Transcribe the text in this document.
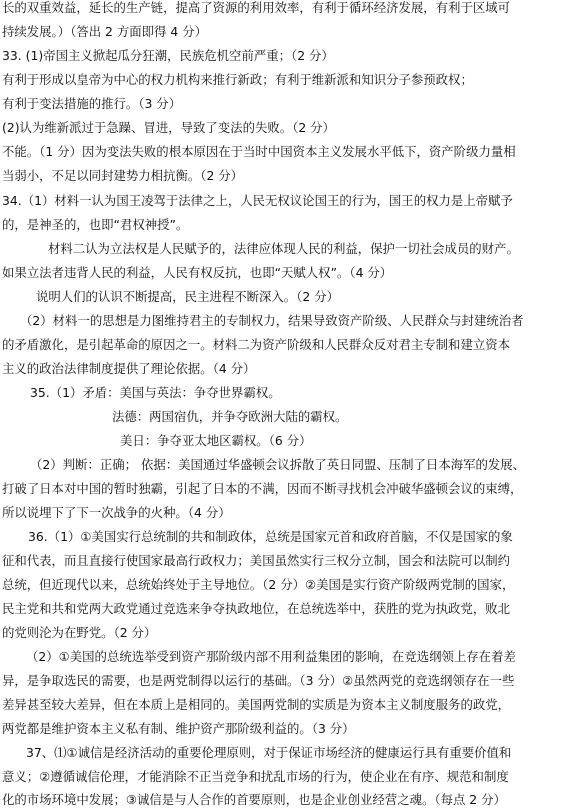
长的双重效益，延长的生产链，提高了资源的利用效率，有利于循环经济发展，有利于区域可
持续发展。）（答出 2 方面即得 4 分）
33. (1)帝国主义掀起瓜分狂潮，民族危机空前严重；（2 分）
有利于形成以皇帝为中心的权力机构来推行新政；有利于维新派和知识分子参预政权；
有利于变法措施的推行。（3 分）
(2)认为维新派过于急躁、冒进，导致了变法的失败。（2 分）
不能。（1 分）因为变法失败的根本原因在于当时中国资本主义发展水平低下，资产阶级力量相
当弱小，不足以同封建势力相抗衡。（2 分）
34.（1）材料一认为国王凌驾于法律之上，人民无权议论国王的行为，国王的权力是上帝赋予
的，是神圣的，也即“君权神授”。
材料二认为立法权是人民赋予的，法律应体现人民的利益，保护一切社会成员的财产。
如果立法者违背人民的利益，人民有权反抗，也即“天赋人权”。（4 分）
说明人们的认识不断提高，民主进程不断深入。（2 分）
（2）材料一的思想是力图维持君主的专制权力，结果导致资产阶级、人民群众与封建统治者
的矛盾激化，是引起革命的原因之一。材料二为资产阶级和人民群众反对君主专制和建立资本
主义的政治法律制度提供了理论依据。（4 分）
35.（1）矛盾：美国与英法：争夺世界霸权。
法德：两国宿仇，并争夺欧洲大陆的霸权。
美日：争夺亚太地区霸权。（6 分）
（2）判断：正确； 依据：美国通过华盛顿会议拆散了英日同盟、压制了日本海军的发展、
打破了日本对中国的暂时独霸，引起了日本的不满，因而不断寻找机会冲破华盛顿会议的束缚，
所以说埋下了下一次战争的火种。（4 分）
36.（1）①美国实行总统制的共和制政体，总统是国家元首和政府首脑，不仅是国家的象
征和代表，而且直接行使国家最高行政权力；美国虽然实行三权分立制，国会和法院可以制约
总统，但近现代以来，总统始终处于主导地位。（2 分）②美国是实行资产阶级两党制的国家，
民主党和共和党两大政党通过竞选来争夺执政地位，在总统选举中，获胜的党为执政党，败北
的党则沦为在野党。（2 分）
（2）①美国的总统选举受到资产那阶级内部不用利益集团的影响，在竞选纲领上存在着差
异，是争取选民的需要，也是两党制得以运行的基础。（3 分）②虽然两党的竞选纲领存在一些
差异甚至较大差异，但在本质上是相同的。美国两党制的实质是为资本主义制度服务的政党，
两党都是维护资本主义私有制、维护资产那阶级利益的。（3 分）
37、⑴①诚信是经济活动的重要伦理原则，对于保证市场经济的健康运行具有重要价值和
意义；②遵循诚信伦理，才能消除不正当竞争和扰乱市场的行为，使企业在有序、规范和制度
化的市场环境中发展；③诚信是与人合作的首要原则，也是企业创业经营之魂。（每点 2 分）
